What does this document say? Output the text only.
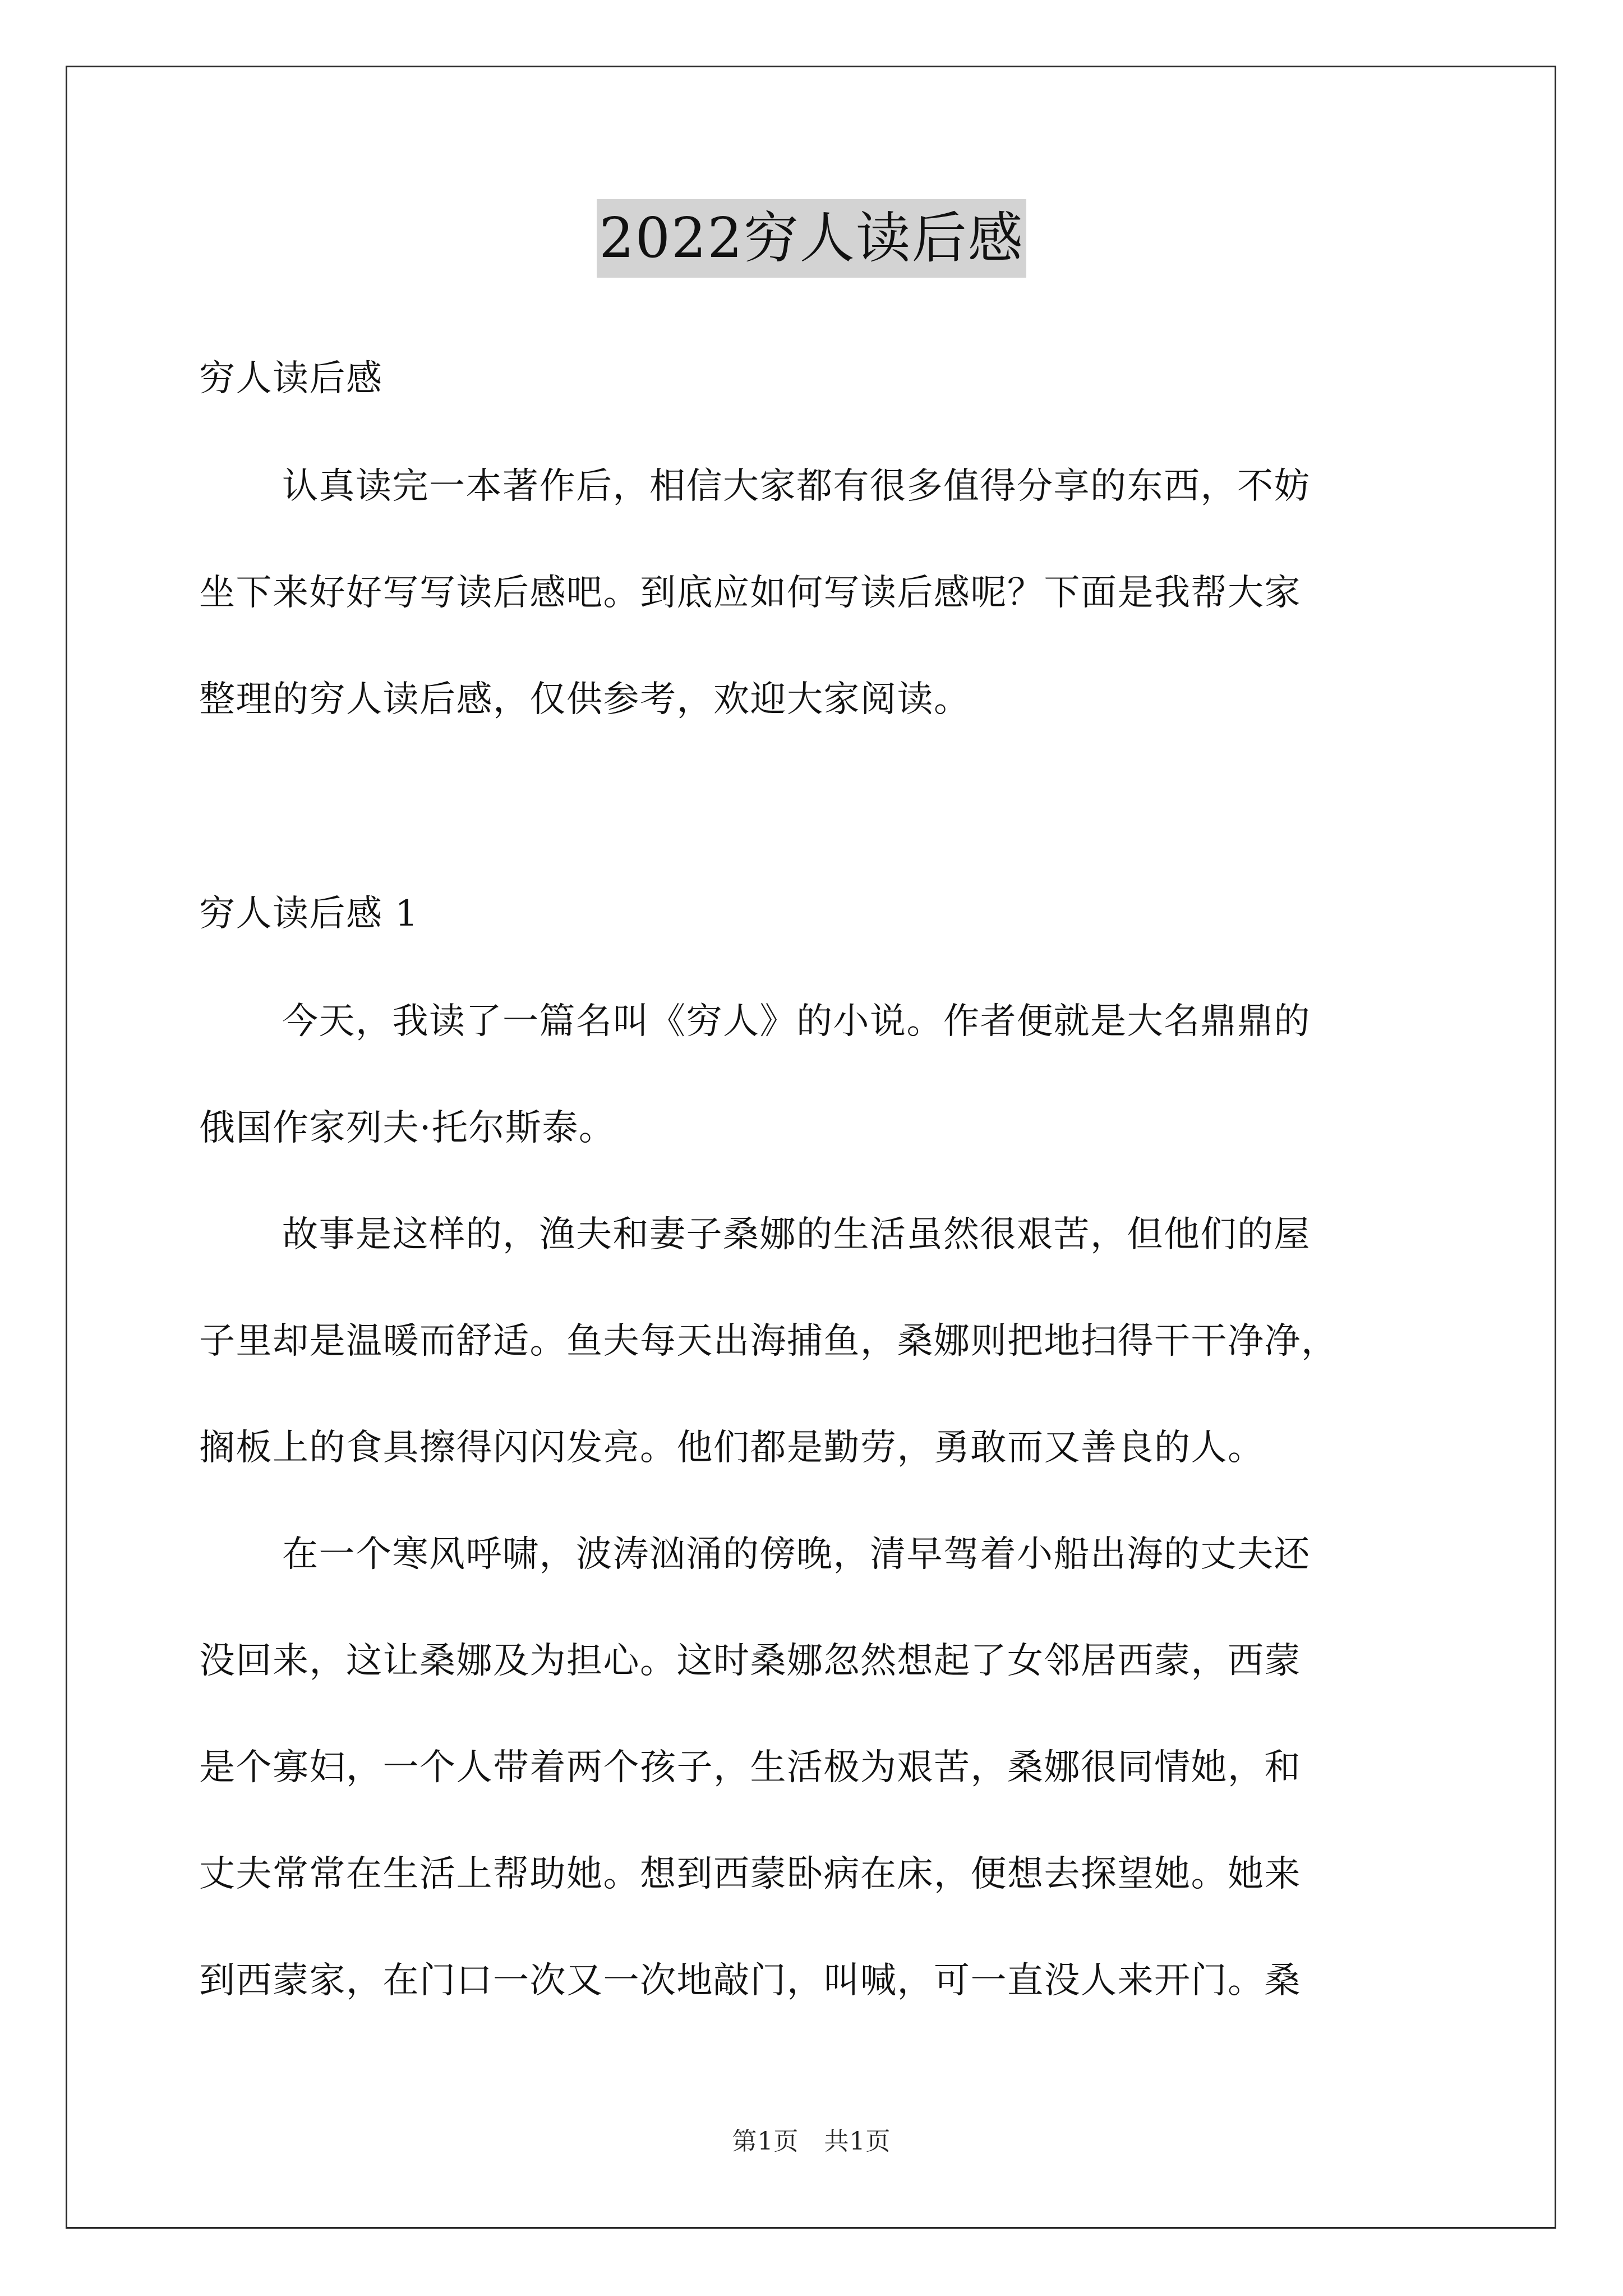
2022穷人读后感
穷人读后感
认真读完一本著作后，相信大家都有很多值得分享的东西，不妨
坐下来好好写写读后感吧。到底应如何写读后感呢？下面是我帮大家
整理的穷人读后感，仅供参考，欢迎大家阅读。
穷人读后感 1
今天，我读了一篇名叫《穷人》的小说。作者便就是大名鼎鼎的
俄国作家列夫·托尔斯泰。
故事是这样的，渔夫和妻子桑娜的生活虽然很艰苦，但他们的屋
子里却是温暖而舒适。鱼夫每天出海捕鱼，桑娜则把地扫得干干净净，
搁板上的食具擦得闪闪发亮。他们都是勤劳，勇敢而又善良的人。
在一个寒风呼啸，波涛汹涌的傍晚，清早驾着小船出海的丈夫还
没回来，这让桑娜及为担心。这时桑娜忽然想起了女邻居西蒙，西蒙
是个寡妇，一个人带着两个孩子，生活极为艰苦，桑娜很同情她，和
丈夫常常在生活上帮助她。想到西蒙卧病在床，便想去探望她。她来
到西蒙家，在门口一次又一次地敲门，叫喊，可一直没人来开门。桑
第1页　共1页
